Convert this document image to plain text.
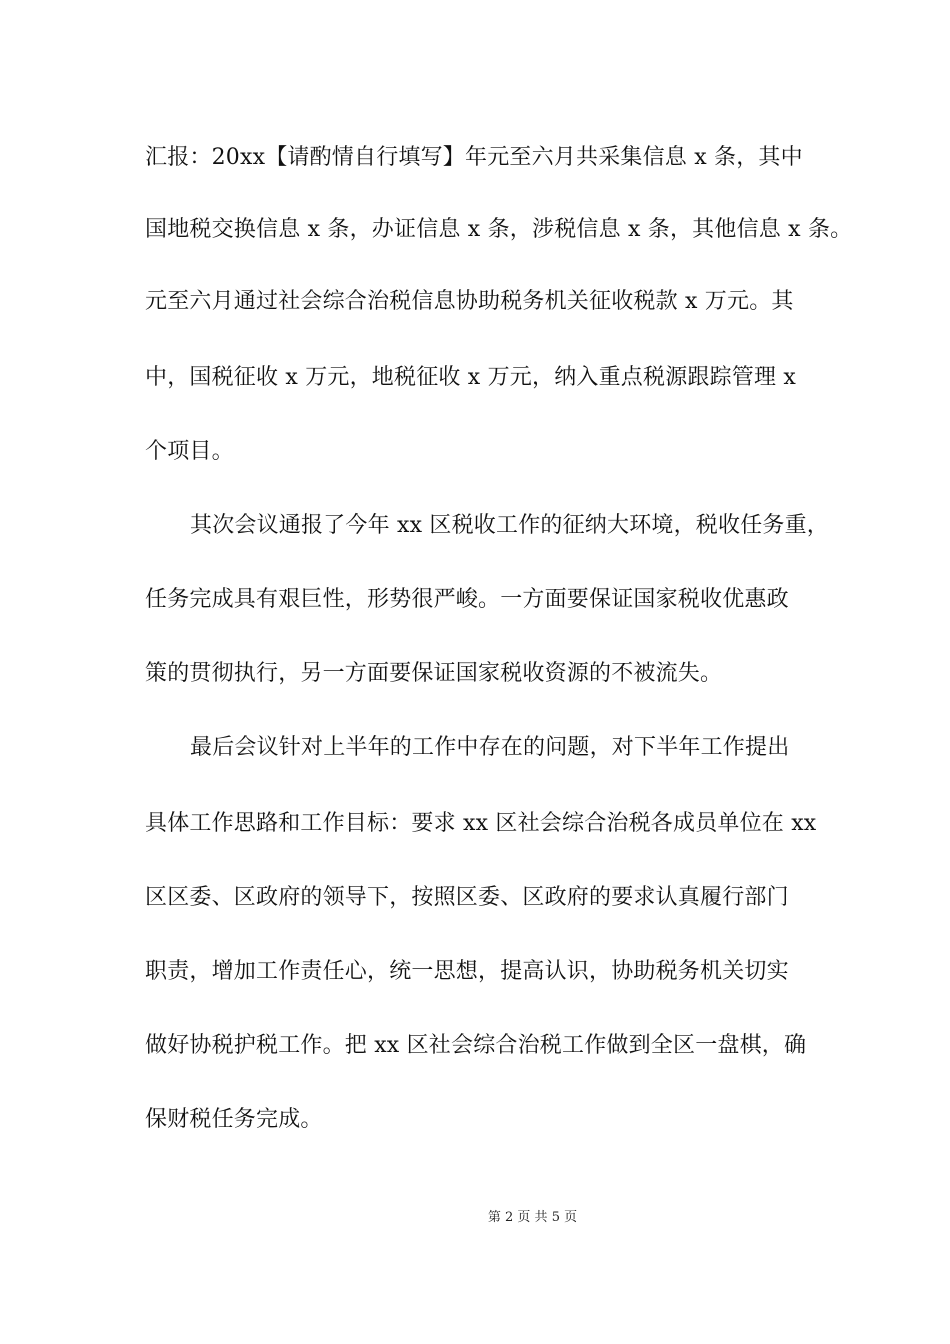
汇报：20xx【请酌情自行填写】年元至六月共采集信息 x 条，其中
国地税交换信息 x 条，办证信息 x 条，涉税信息 x 条，其他信息 x 条。
元至六月通过社会综合治税信息协助税务机关征收税款 x 万元。其
中，国税征收 x 万元，地税征收 x 万元，纳入重点税源跟踪管理 x
个项目。
其次会议通报了今年 xx 区税收工作的征纳大环境，税收任务重，
任务完成具有艰巨性，形势很严峻。一方面要保证国家税收优惠政
策的贯彻执行，另一方面要保证国家税收资源的不被流失。
最后会议针对上半年的工作中存在的问题，对下半年工作提出
具体工作思路和工作目标：要求 xx 区社会综合治税各成员单位在 xx
区区委、区政府的领导下，按照区委、区政府的要求认真履行部门
职责，增加工作责任心，统一思想，提高认识，协助税务机关切实
做好协税护税工作。把 xx 区社会综合治税工作做到全区一盘棋，确
保财税任务完成。
第 2 页 共 5 页
